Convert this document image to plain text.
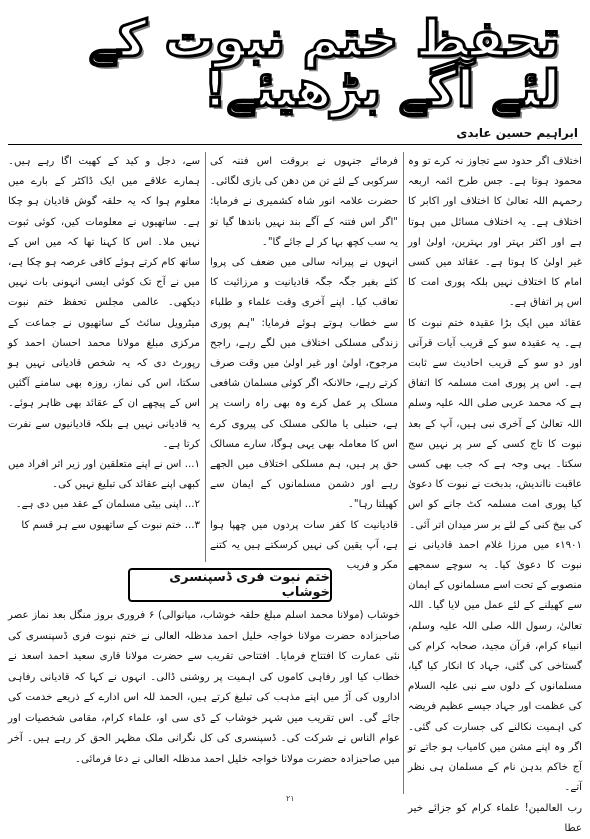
تحفظ ختم نبوت کے لئے آگے بڑھیئے!
ابراہیم حسین عابدی

اختلاف اگر حدود سے تجاوز نہ کرے تو وہ محمود ہوتا ہے۔ جس طرح ائمہ اربعہ رحمہم اللہ تعالیٰ کا اختلاف اور اکابر کا اختلاف ہے۔ یہ اختلاف مسائل میں ہوتا ہے اور اکثر بہتر اور بہترین، اولیٰ اور غیر اولیٰ کا ہوتا ہے۔ عقائد میں کسی امام کا اختلاف نہیں بلکہ پوری امت کا اس پر اتفاق ہے۔

عقائد میں ایک بڑا عقیدہ ختم نبوت کا ہے۔ یہ عقیدہ سو کے قریب آیات قرآنی اور دو سو کے قریب احادیث سے ثابت ہے۔ اس پر پوری امت مسلمہ کا اتفاق ہے کہ محمد عربی صلی اللہ علیہ وسلم اللہ تعالیٰ کے آخری نبی ہیں، آپ کے بعد نبوت کا تاج کسی کے سر پر نہیں سج سکتا۔ یہی وجہ ہے کہ جب بھی کسی عاقبت نااندیش، بدبخت نے نبوت کا دعویٰ کیا پوری امت مسلمہ کٹ جانے کو اس کی بیخ کنی کے لئے بر سر میدان اتر آئی۔

۱۹۰۱ء میں مرزا غلام احمد قادیانی نے نبوت کا دعویٰ کیا۔ یہ سوچے سمجھے منصوبے کے تحت اسے مسلمانوں کے ایمان سے کھیلنے کے لئے عمل میں لایا گیا۔ اللہ تعالیٰ، رسول اللہ صلی اللہ علیہ وسلم، انبیاء کرام، قرآن مجید، صحابہ کرام کی گستاخی کی گئی، جہاد کا انکار کیا گیا، مسلمانوں کے دلوں سے نبی علیہ السلام کی عظمت اور جہاد جیسے عظیم فریضہ کی اہمیت نکالنے کی جسارت کی گئی۔ اگر وہ اپنے مشن میں کامیاب ہو جاتے تو آج خاکم بدہن نام کے مسلمان ہی نظر آتے۔

رب العالمین! علماء کرام کو جزائے خیر عطا

فرمائے جنہوں نے بروقت اس فتنہ کی سرکوبی کے لئے تن من دھن کی بازی لگائی۔ حضرت علامہ انور شاہ کشمیری نے فرمایا: "اگر اس فتنہ کے آگے بند نہیں باندھا گیا تو یہ سب کچھ بہا کر لے جائے گا"۔

انہوں نے پیرانہ سالی میں ضعف کی پروا کئے بغیر جگہ جگہ قادیانیت و مرزائیت کا تعاقب کیا۔ اپنے آخری وقت علماء و طلباء سے خطاب ہوتے ہوئے فرمایا: "ہم پوری زندگی مسلکی اختلاف میں لگے رہے، راجح مرجوح، اولیٰ اور غیر اولیٰ میں وقت صرف کرتے رہے، حالانکہ اگر کوئی مسلمان شافعی مسلک پر عمل کرے وہ بھی راہ راست پر ہے، حنبلی یا مالکی مسلک کی پیروی کرے اس کا معاملہ بھی یہی ہوگا، سارے مسالک حق پر ہیں، ہم مسلکی اختلاف میں الجھے رہے اور دشمن مسلمانوں کے ایمان سے کھیلتا رہا"۔

قادیانیت کا کفر سات پردوں میں چھپا ہوا ہے، آپ یقین کی نہیں کرسکتے ہیں یہ کتنے مکر و فریب

سے، دجل و کید کے کھیت اگا رہے ہیں۔ ہمارے علاقے میں ایک ڈاکٹر کے بارے میں معلوم ہوا کہ یہ حلقہ گوش قادیان ہو چکا ہے۔ ساتھیوں نے معلومات کیں، کوئی ثبوت نہیں ملا۔ اس کا کہنا تھا کہ میں اس کے ساتھ کام کرتے ہوئے کافی عرصہ ہو چکا ہے، میں نے آج تک کوئی ایسی انہونی بات نہیں دیکھی۔ عالمی مجلس تحفظ ختم نبوت میٹرویل سائٹ کے ساتھیوں نے جماعت کے مرکزی مبلغ مولانا محمد احسان احمد کو رپورٹ دی کہ یہ شخص قادیانی نہیں ہو سکتا، اس کی نماز، روزہ بھی سامنے آگئیں اس کے پیچھے ان کے عقائد بھی ظاہر ہوئے۔ یہ قادیانی نہیں ہے بلکہ قادیانیوں سے نفرت کرتا ہے۔

۱... اس نے اپنے متعلقین اور زیر اثر افراد میں کبھی اپنے عقائد کی تبلیغ نہیں کی۔

۲... اپنی بیٹی مسلمان کے عقد میں دی ہے۔

۳... ختم نبوت کے ساتھیوں سے ہر قسم کا

ختم نبوت فری ڈسپنسری خوشاب
خوشاب (مولانا محمد اسلم مبلغ حلقہ خوشاب، میانوالی) ۶ فروری بروز منگل بعد نماز عصر صاحبزادہ حضرت مولانا خواجہ خلیل احمد مدظلہ العالی نے ختم نبوت فری ڈسپنسری کی نئی عمارت کا افتتاح فرمایا۔ افتتاحی تقریب سے حضرت مولانا قاری سعید احمد اسعد نے خطاب کیا اور رفاہی کاموں کی اہمیت پر روشنی ڈالی۔ انہوں نے کہا کہ قادیانی رفاہی اداروں کی آڑ میں اپنے مذہب کی تبلیغ کرتے ہیں، الحمد للہ اس ادارے کے ذریعے خدمت کی جائے گی۔ اس تقریب میں شہر خوشاب کے ڈی سی او، علماء کرام، مقامی شخصیات اور عوام الناس نے شرکت کی۔ ڈسپنسری کی کل نگرانی ملک مظہر الحق کر رہے ہیں۔ آخر میں صاحبزادہ حضرت مولانا خواجہ خلیل احمد مدظلہ العالی نے دعا فرمائی۔
۲۱
